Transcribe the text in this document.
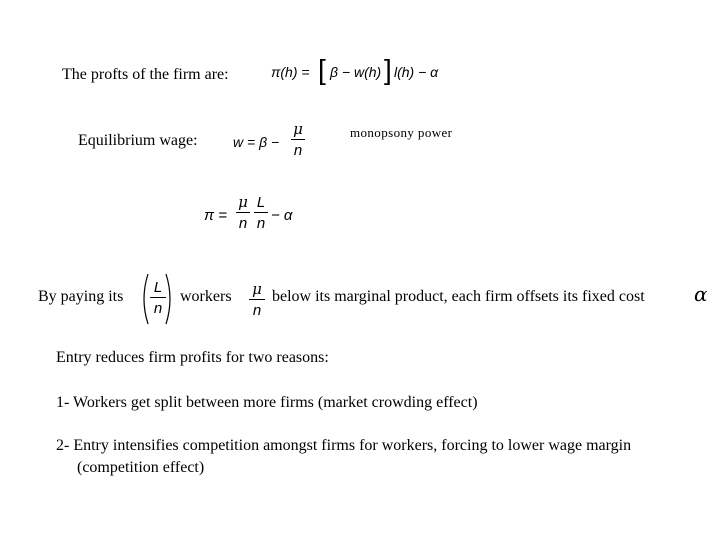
The profts of the firm are:	π(h) = [ β − w(h) ] l(h) − α
Equilibrium wage:	w = β −
μ
n
monopsony power
π =
μ
n
L
n − α
By paying its
L
n
workers μ
n
below its marginal product, each firm offsets its fixed cost α
Entry reduces firm profits for two reasons:
1- Workers get split between more firms (market crowding effect)
2- Entry intensifies competition amongst firms for workers, forcing to lower wage margin
(competition effect)
